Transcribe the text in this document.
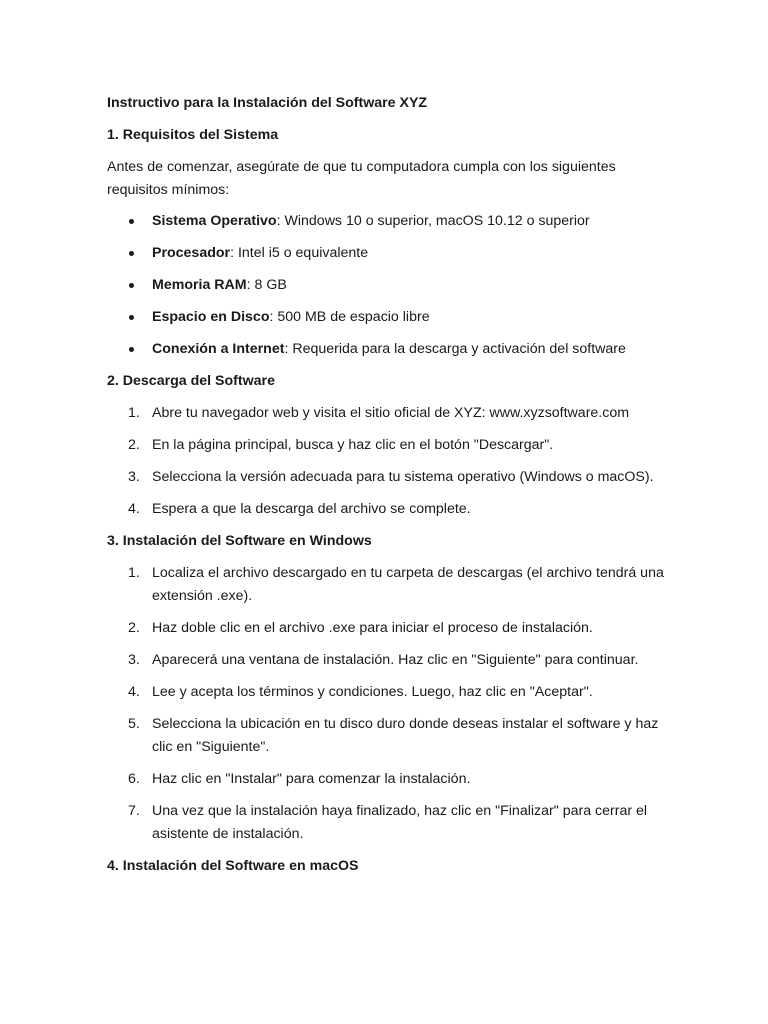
Instructivo para la Instalación del Software XYZ

1. Requisitos del Sistema

Antes de comenzar, asegúrate de que tu computadora cumpla con los siguientes requisitos mínimos:

Sistema Operativo: Windows 10 o superior, macOS 10.12 o superior
Procesador: Intel i5 o equivalente
Memoria RAM: 8 GB
Espacio en Disco: 500 MB de espacio libre
Conexión a Internet: Requerida para la descarga y activación del software

2. Descarga del Software

1. Abre tu navegador web y visita el sitio oficial de XYZ: www.xyzsoftware.com
2. En la página principal, busca y haz clic en el botón "Descargar".
3. Selecciona la versión adecuada para tu sistema operativo (Windows o macOS).
4. Espera a que la descarga del archivo se complete.

3. Instalación del Software en Windows

1. Localiza el archivo descargado en tu carpeta de descargas (el archivo tendrá una extensión .exe).
2. Haz doble clic en el archivo .exe para iniciar el proceso de instalación.
3. Aparecerá una ventana de instalación. Haz clic en "Siguiente" para continuar.
4. Lee y acepta los términos y condiciones. Luego, haz clic en "Aceptar".
5. Selecciona la ubicación en tu disco duro donde deseas instalar el software y haz clic en "Siguiente".
6. Haz clic en "Instalar" para comenzar la instalación.
7. Una vez que la instalación haya finalizado, haz clic en "Finalizar" para cerrar el asistente de instalación.

4. Instalación del Software en macOS
